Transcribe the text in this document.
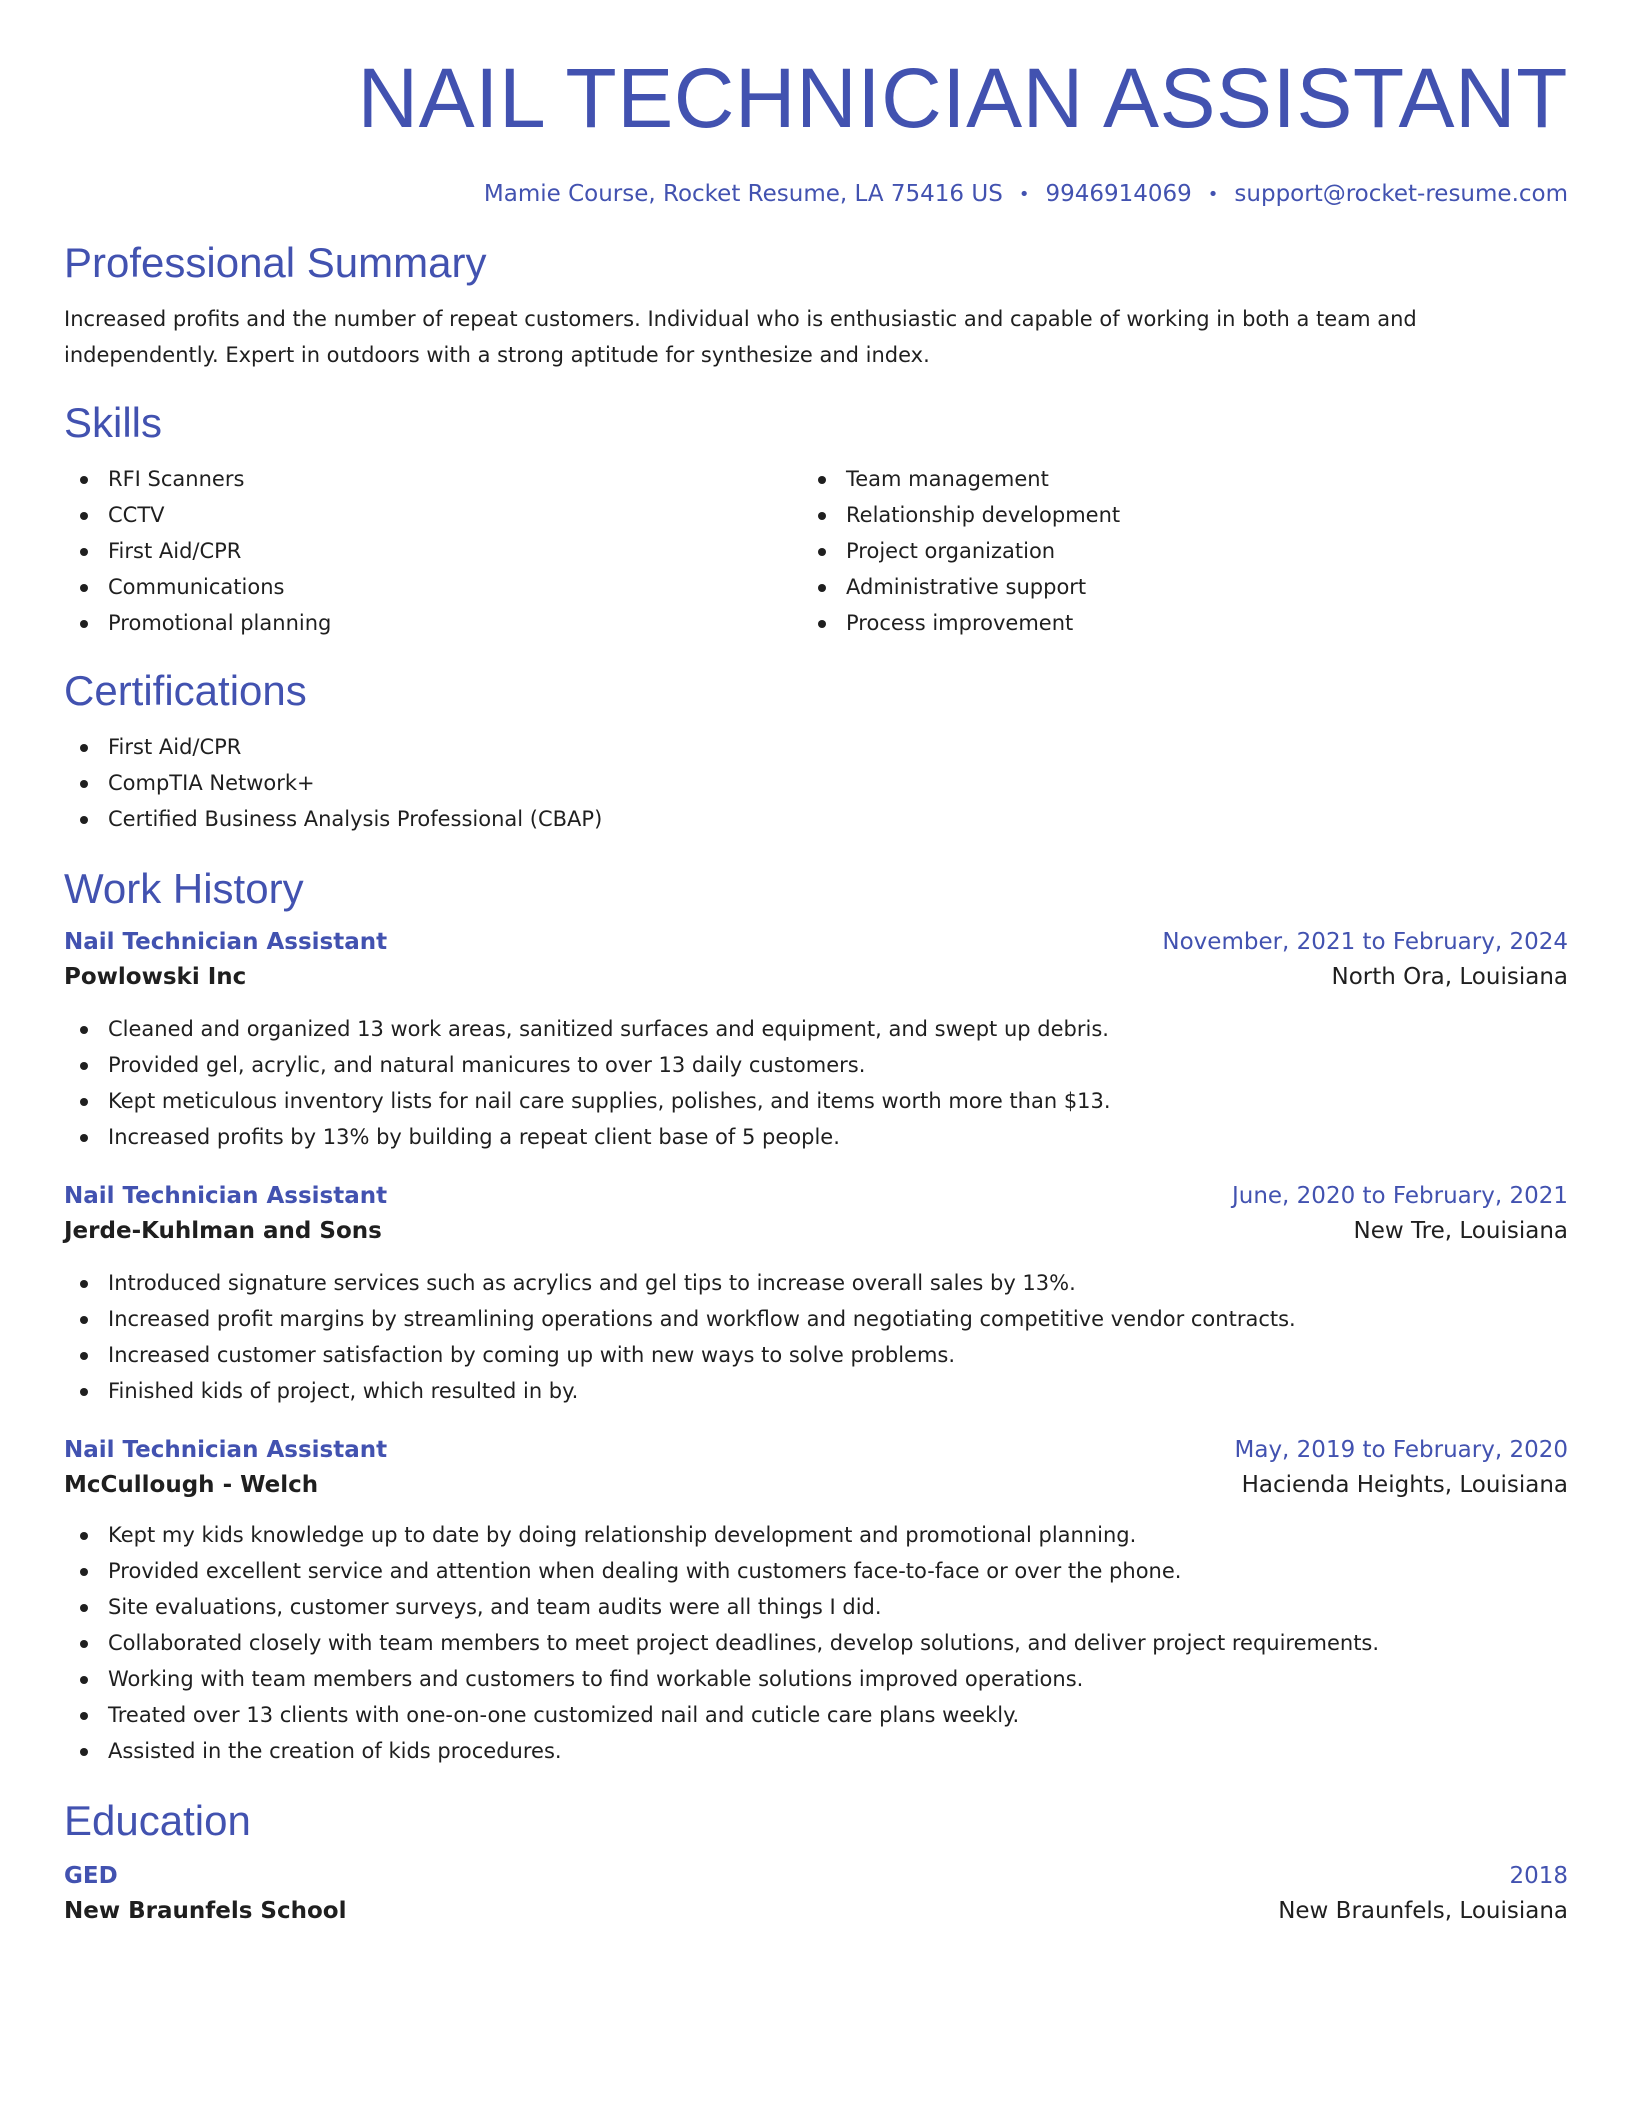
NAIL TECHNICIAN ASSISTANT
Mamie Course, Rocket Resume, LA 75416 US • 9946914069 • support@rocket-resume.com
Professional Summary

Increased profits and the number of repeat customers. Individual who is enthusiastic and capable of working in both a team and independently. Expert in outdoors with a strong aptitude for synthesize and index.

Skills
RFI Scanners
CCTV
First Aid/CPR
Communications
Promotional planning
Team management
Relationship development
Project organization
Administrative support
Process improvement
Certifications
First Aid/CPR
CompTIA Network+
Certified Business Analysis Professional (CBAP)
Work History
Nail Technician Assistant	November, 2021 to February, 2024
Powlowski Inc	North Ora, Louisiana
Cleaned and organized 13 work areas, sanitized surfaces and equipment, and swept up debris.
Provided gel, acrylic, and natural manicures to over 13 daily customers.
Kept meticulous inventory lists for nail care supplies, polishes, and items worth more than $13.
Increased profits by 13% by building a repeat client base of 5 people.
Nail Technician Assistant	June, 2020 to February, 2021
Jerde-Kuhlman and Sons	New Tre, Louisiana
Introduced signature services such as acrylics and gel tips to increase overall sales by 13%.
Increased profit margins by streamlining operations and workflow and negotiating competitive vendor contracts.
Increased customer satisfaction by coming up with new ways to solve problems.
Finished kids of project, which resulted in by.
Nail Technician Assistant	May, 2019 to February, 2020
McCullough - Welch	Hacienda Heights, Louisiana
Kept my kids knowledge up to date by doing relationship development and promotional planning.
Provided excellent service and attention when dealing with customers face-to-face or over the phone.
Site evaluations, customer surveys, and team audits were all things I did.
Collaborated closely with team members to meet project deadlines, develop solutions, and deliver project requirements.
Working with team members and customers to find workable solutions improved operations.
Treated over 13 clients with one-on-one customized nail and cuticle care plans weekly.
Assisted in the creation of kids procedures.
Education
GED	2018
New Braunfels School	New Braunfels, Louisiana
